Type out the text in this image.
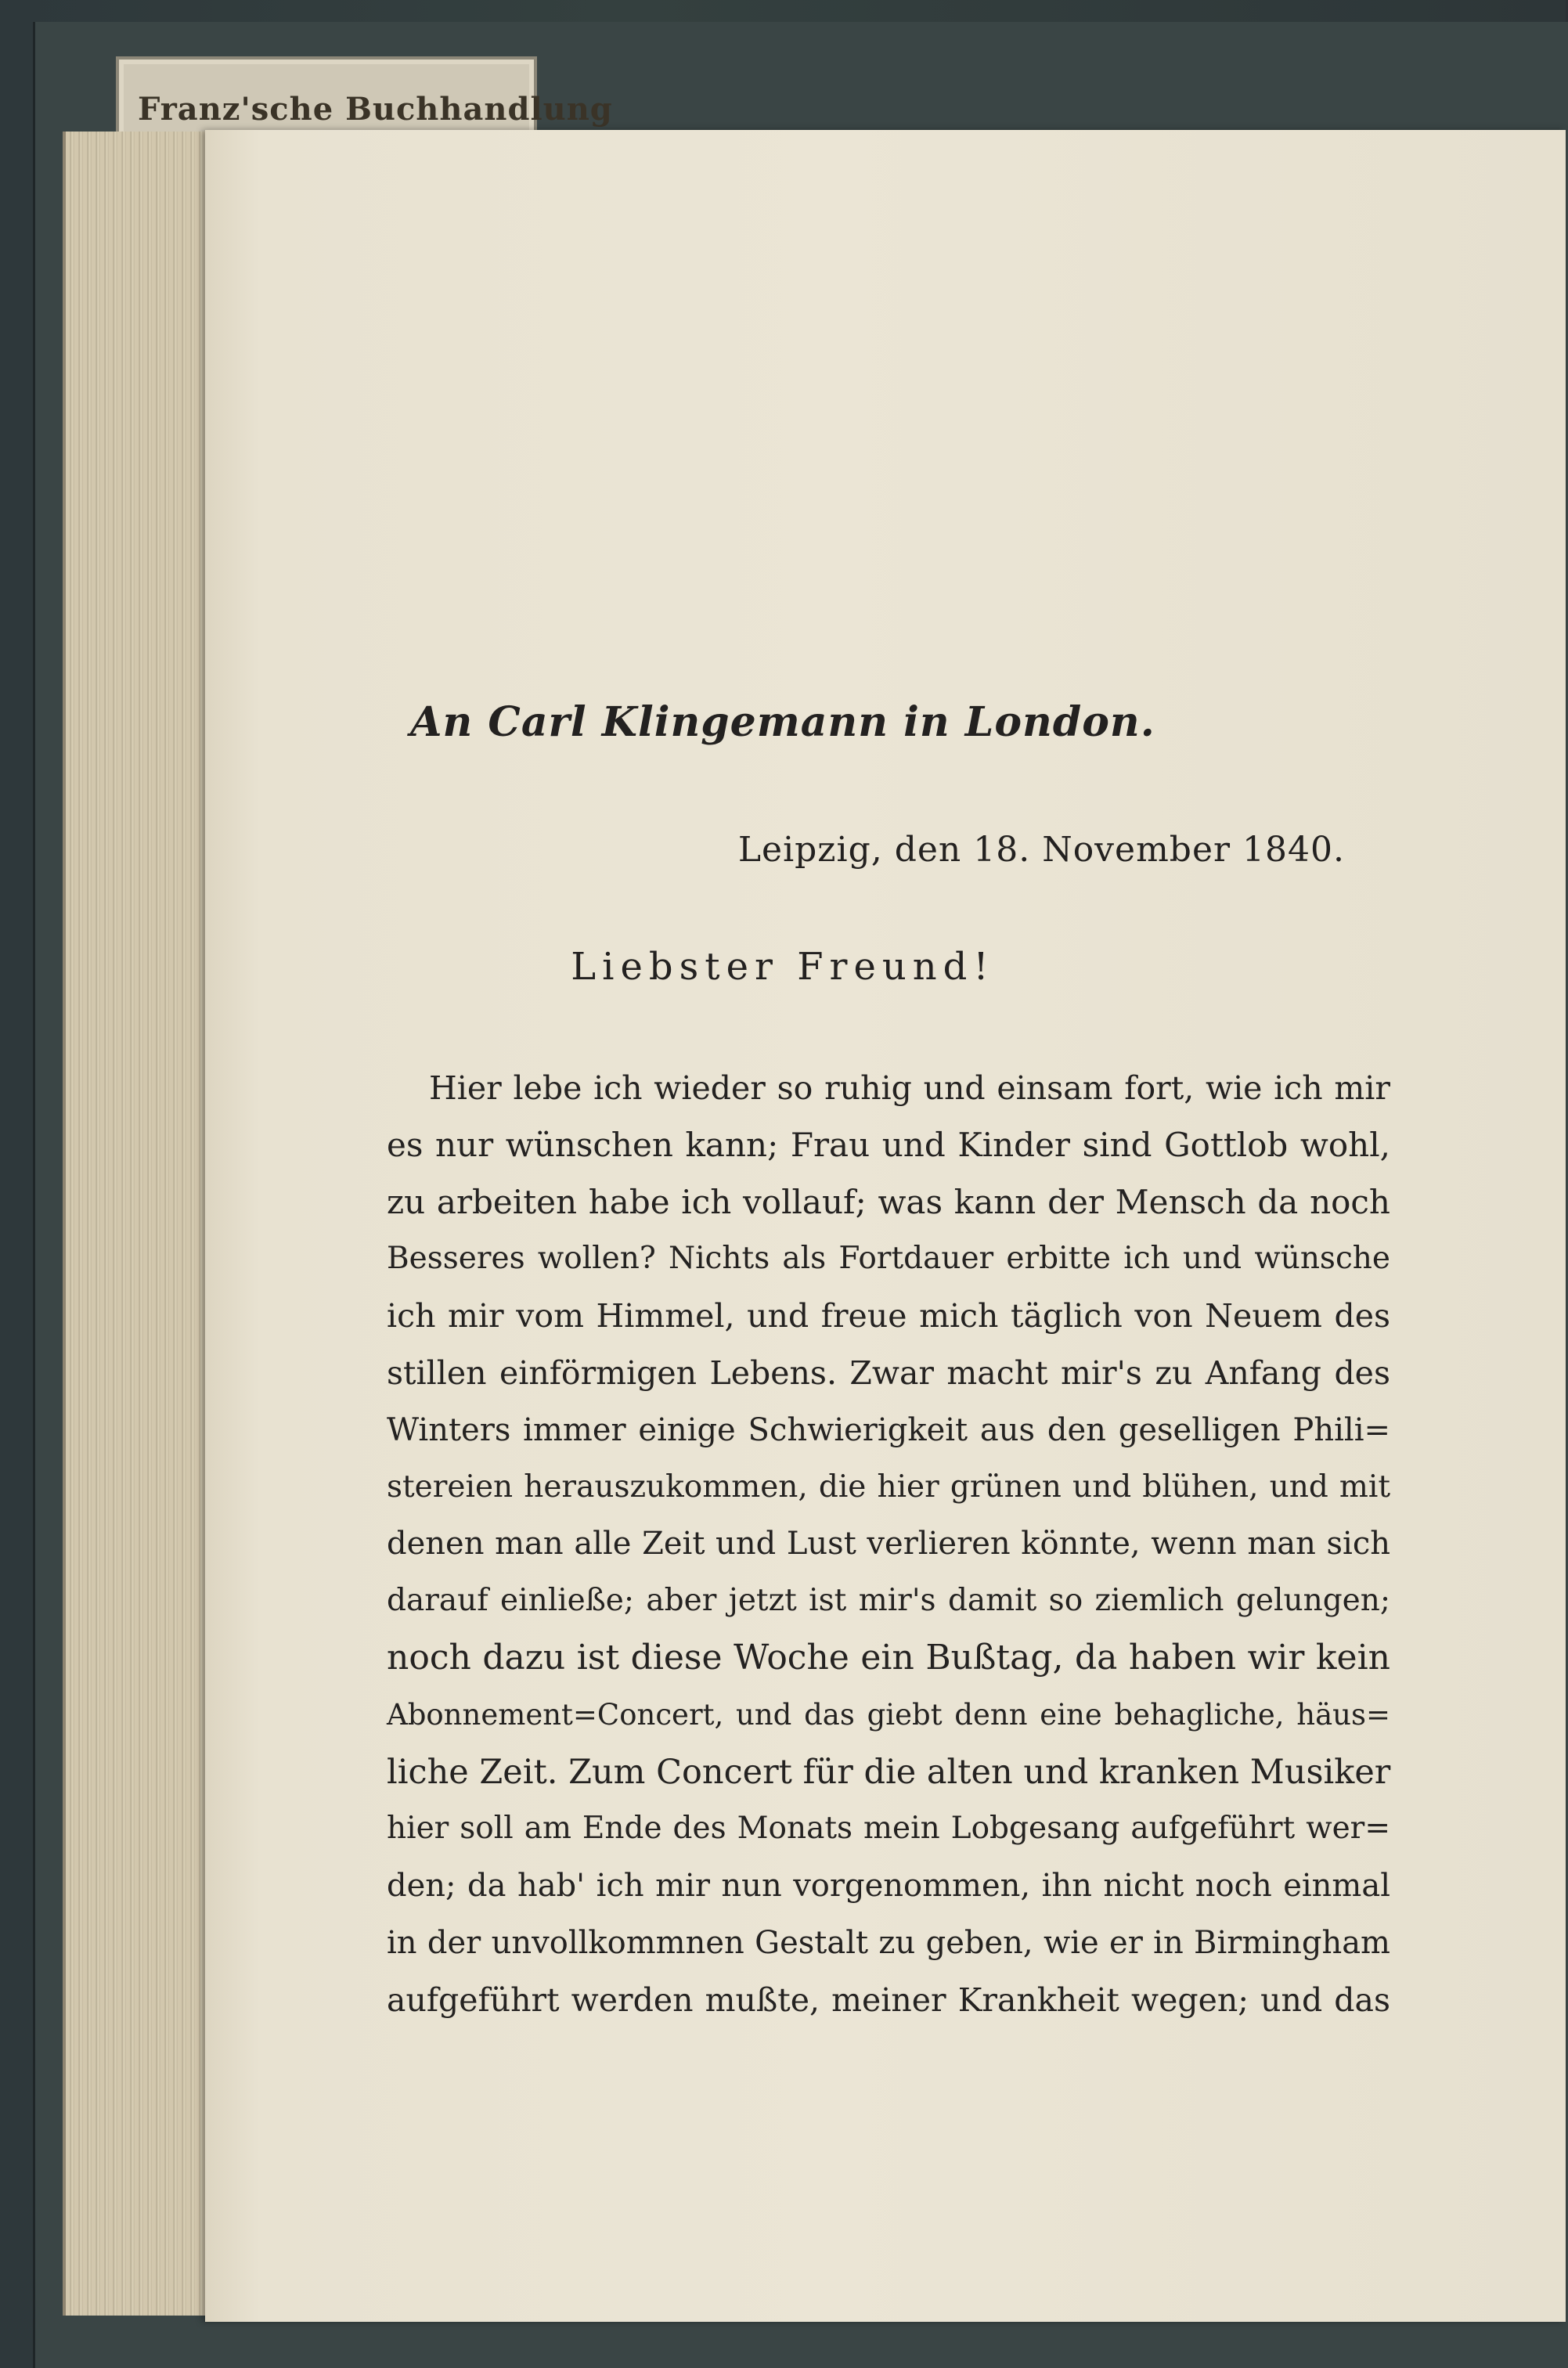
Franz'sche Buchhandlung
An Carl Klingemann in London.
Leipzig, den 18. November 1840.
Liebster Freund!
Hier lebe ich wieder so ruhig und einsam fort, wie ich mir
es nur wünschen kann; Frau und Kinder sind Gottlob wohl,
zu arbeiten habe ich vollauf; was kann der Mensch da noch
Besseres wollen? Nichts als Fortdauer erbitte ich und wünsche
ich mir vom Himmel, und freue mich täglich von Neuem des
stillen einförmigen Lebens. Zwar macht mir's zu Anfang des
Winters immer einige Schwierigkeit aus den geselligen Phili=
stereien herauszukommen, die hier grünen und blühen, und mit
denen man alle Zeit und Lust verlieren könnte, wenn man sich
darauf einließe; aber jetzt ist mir's damit so ziemlich gelungen;
noch dazu ist diese Woche ein Bußtag, da haben wir kein
Abonnement=Concert, und das giebt denn eine behagliche, häus=
liche Zeit. Zum Concert für die alten und kranken Musiker
hier soll am Ende des Monats mein Lobgesang aufgeführt wer=
den; da hab' ich mir nun vorgenommen, ihn nicht noch einmal
in der unvollkommnen Gestalt zu geben, wie er in Birmingham
aufgeführt werden mußte, meiner Krankheit wegen; und das
